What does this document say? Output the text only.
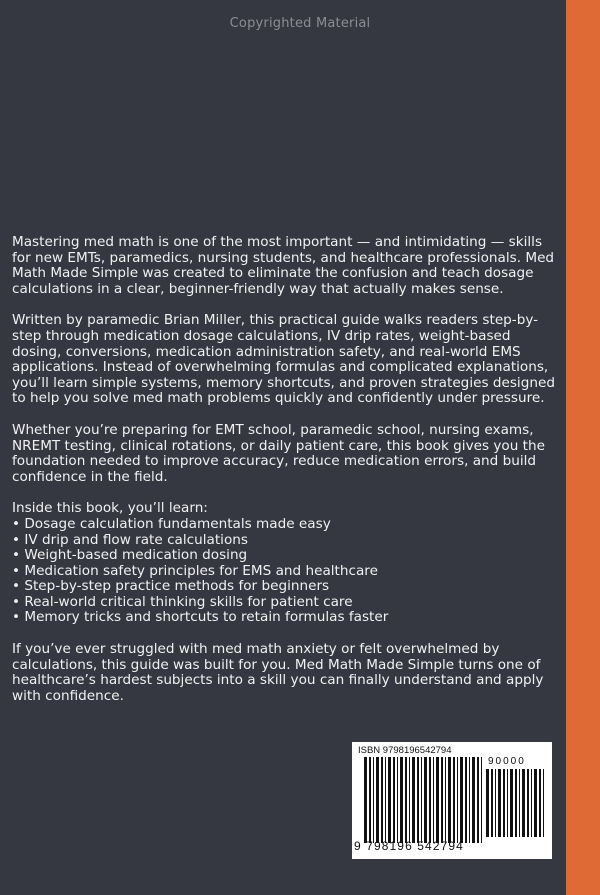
Copyrighted Material

Mastering med math is one of the most important — and intimidating — skills for new EMTs, paramedics, nursing students, and healthcare professionals. Med Math Made Simple was created to eliminate the confusion and teach dosage calculations in a clear, beginner-friendly way that actually makes sense.

Written by paramedic Brian Miller, this practical guide walks readers step-by-step through medication dosage calculations, IV drip rates, weight-based dosing, conversions, medication administration safety, and real-world EMS applications. Instead of overwhelming formulas and complicated explanations, you’ll learn simple systems, memory shortcuts, and proven strategies designed to help you solve med math problems quickly and confidently under pressure.

Whether you’re preparing for EMT school, paramedic school, nursing exams, NREMT testing, clinical rotations, or daily patient care, this book gives you the foundation needed to improve accuracy, reduce medication errors, and build confidence in the field.

Inside this book, you’ll learn:
• Dosage calculation fundamentals made easy
• IV drip and flow rate calculations
• Weight-based medication dosing
• Medication safety principles for EMS and healthcare
• Step-by-step practice methods for beginners
• Real-world critical thinking skills for patient care
• Memory tricks and shortcuts to retain formulas faster

If you’ve ever struggled with med math anxiety or felt overwhelmed by calculations, this guide was built for you. Med Math Made Simple turns one of healthcare’s hardest subjects into a skill you can finally understand and apply with confidence.

ISBN 9798196542794
90000
9 798196 542794
